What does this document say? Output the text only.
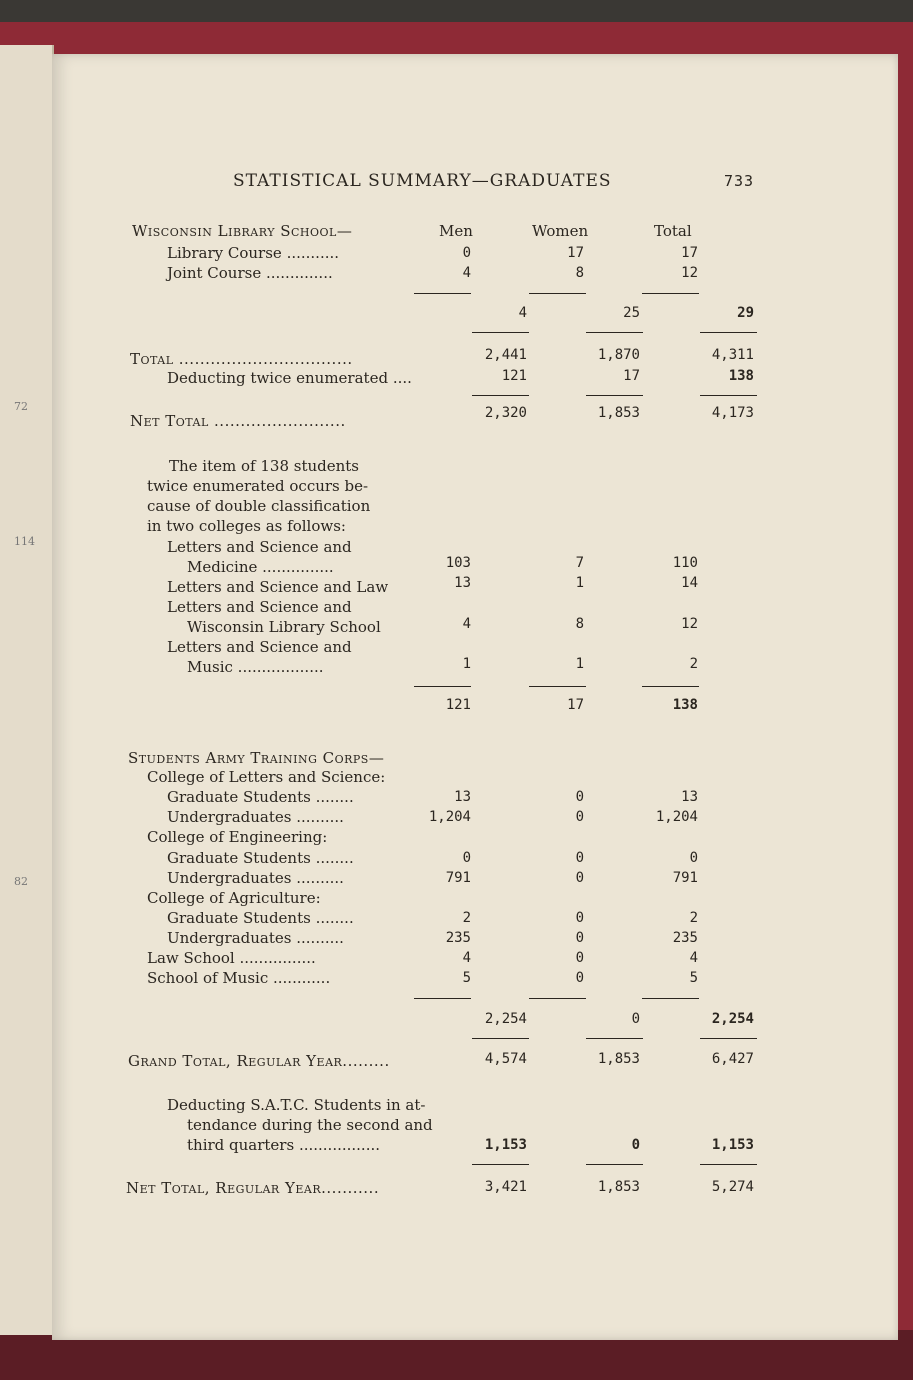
72
114
82
STATISTICAL SUMMARY—GRADUATES	733
Wisconsin Library School—	Men	Women	Total
Library Course ...........	0	17	17
Joint Course ..............	4	8	12
4	25	29
Total .................................	2,441	1,870	4,311
Deducting twice enumerated ....	121	17	138
Net Total .........................	2,320	1,853	4,173
The item of 138 students
twice enumerated occurs be-
cause of double classification
in two colleges as follows:
Letters and Science and
Medicine ...............	103	7	110
Letters and Science and Law	13	1	14
Letters and Science and
Wisconsin Library School	4	8	12
Letters and Science and
Music ..................	1	1	2
121	17	138
Students Army Training Corps—
College of Letters and Science:
Graduate Students ........	13	0	13
Undergraduates ..........	1,204	0	1,204
College of Engineering:
Graduate Students ........	0	0	0
Undergraduates ..........	791	0	791
College of Agriculture:
Graduate Students ........	2	0	2
Undergraduates ..........	235	0	235
Law School ................	4	0	4
School of Music ............	5	0	5
2,254	0	2,254
Grand Total, Regular Year.........	4,574	1,853	6,427
Deducting S.A.T.C. Students in at-
tendance during the second and
third quarters .................	1,153	0	1,153
Net Total, Regular Year...........	3,421	1,853	5,274
